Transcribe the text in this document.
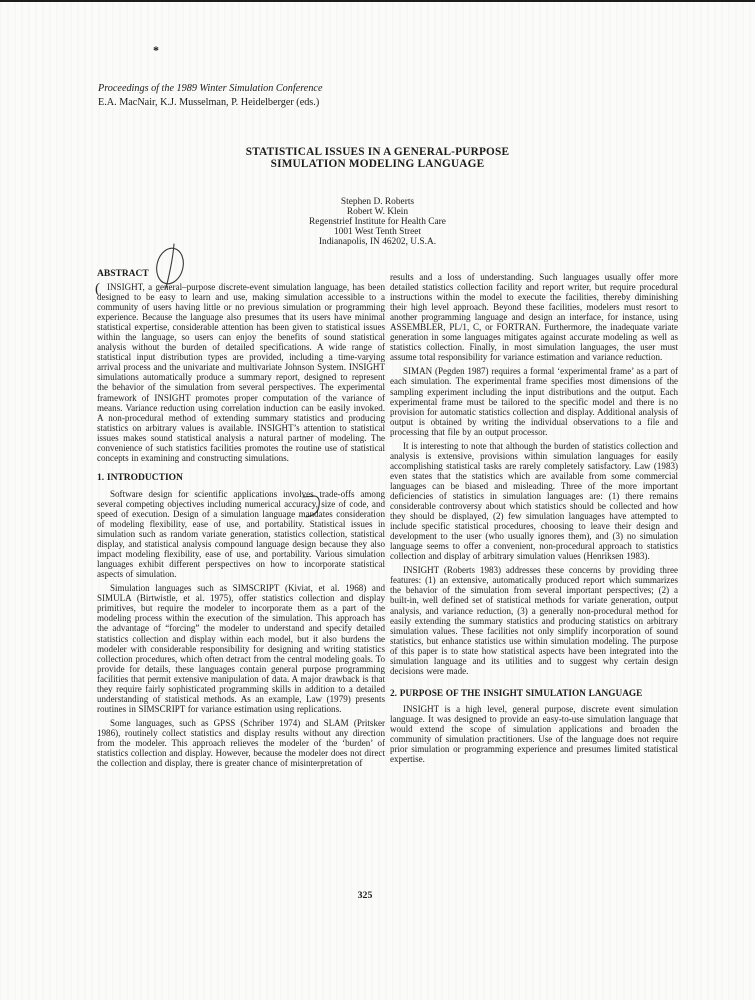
*
Proceedings of the 1989 Winter Simulation Conference
E.A. MacNair, K.J. Musselman, P. Heidelberger (eds.)
STATISTICAL ISSUES IN A GENERAL-PURPOSE
SIMULATION MODELING LANGUAGE
Stephen D. Roberts
Robert W. Klein
Regenstrief Institute for Health Care
1001 West Tenth Street
Indianapolis, IN 46202, U.S.A.
(
ABSTRACT

INSIGHT, a general–purpose discrete-event simulation language, has been designed to be easy to learn and use, making simulation accessible to a community of users having little or no previous simulation or programming experience. Because the language also presumes that its users have minimal statistical expertise, considerable attention has been given to statistical issues within the language, so users can enjoy the benefits of sound statistical analysis without the burden of detailed specifications. A wide range of statistical input distribution types are provided, including a time-varying arrival process and the univariate and multivariate Johnson System. INSIGHT simulations automatically produce a summary report, designed to represent the behavior of the simulation from several perspectives. The experimental framework of INSIGHT promotes proper computation of the variance of means. Variance reduction using correlation induction can be easily invoked. A non-procedural method of extending summary statistics and producing statistics on arbitrary values is available. INSIGHT’s attention to statistical issues makes sound statistical analysis a natural partner of modeling. The convenience of such statistics facilities promotes the routine use of statistical concepts in examining and constructing simulations.

1. INTRODUCTION

Software design for scientific applications involves trade-offs among several competing objectives including numerical accuracy, size of code, and speed of execution. Design of a simulation language mandates consideration of modeling flexibility, ease of use, and portability. Statistical issues in simulation such as random variate generation, statistics collection, statistical display, and statistical analysis compound language design because they also impact modeling flexibility, ease of use, and portability. Various simulation languages exhibit different perspectives on how to incorporate statistical aspects of simulation.

Simulation languages such as SIMSCRIPT (Kiviat, et al. 1968) and SIMULA (Birtwistle, et al. 1975), offer statistics collection and display primitives, but require the modeler to incorporate them as a part of the modeling process within the execution of the simulation. This approach has the advantage of “forcing” the modeler to understand and specify detailed statistics collection and display within each model, but it also burdens the modeler with considerable responsibility for designing and writing statistics collection procedures, which often detract from the central modeling goals. To provide for details, these languages contain general purpose programming facilities that permit extensive manipulation of data. A major drawback is that they require fairly sophisticated programming skills in addition to a detailed understanding of statistical methods. As an example, Law (1979) presents routines in SIMSCRIPT for variance estimation using replications.

Some languages, such as GPSS (Schriber 1974) and SLAM (Pritsker 1986), routinely collect statistics and display results without any direction from the modeler. This approach relieves the modeler of the ‘burden’ of statistics collection and display. However, because the modeler does not direct the collection and display, there is greater chance of misinterpretation of

results and a loss of understanding. Such languages usually offer more detailed statistics collection facility and report writer, but require procedural instructions within the model to execute the facilities, thereby diminishing their high level approach. Beyond these facilities, modelers must resort to another programming language and design an interface, for instance, using ASSEMBLER, PL/1, C, or FORTRAN. Furthermore, the inadequate variate generation in some languages mitigates against accurate modeling as well as statistics collection. Finally, in most simulation languages, the user must assume total responsibility for variance estimation and variance reduction.

SIMAN (Pegden 1987) requires a formal ‘experimental frame’ as a part of each simulation. The experimental frame specifies most dimensions of the sampling experiment including the input distributions and the output. Each experimental frame must be tailored to the specific model and there is no provision for automatic statistics collection and display. Additional analysis of output is obtained by writing the individual observations to a file and processing that file by an output processor.

It is interesting to note that although the burden of statistics collection and analysis is extensive, provisions within simulation languages for easily accomplishing statistical tasks are rarely completely satisfactory. Law (1983) even states that the statistics which are available from some commercial languages can be biased and misleading. Three of the more important deficiencies of statistics in simulation languages are: (1) there remains considerable controversy about which statistics should be collected and how they should be displayed, (2) few simulation languages have attempted to include specific statistical procedures, choosing to leave their design and development to the user (who usually ignores them), and (3) no simulation language seems to offer a convenient, non-procedural approach to statistics collection and display of arbitrary simulation values (Henriksen 1983).

INSIGHT (Roberts 1983) addresses these concerns by providing three features: (1) an extensive, automatically produced report which summarizes the behavior of the simulation from several important perspectives; (2) a built-in, well defined set of statistical methods for variate generation, output analysis, and variance reduction, (3) a generally non-procedural method for easily extending the summary statistics and producing statistics on arbitrary simulation values. These facilities not only simplify incorporation of sound statistics, but enhance statistics use within simulation modeling. The purpose of this paper is to state how statistical aspects have been integrated into the simulation language and its utilities and to suggest why certain design decisions were made.

2. PURPOSE OF THE INSIGHT SIMULATION LANGUAGE

INSIGHT is a high level, general purpose, discrete event simulation language. It was designed to provide an easy-to-use simulation language that would extend the scope of simulation applications and broaden the community of simulation practitioners. Use of the language does not require prior simulation or programming experience and presumes limited statistical expertise.

325
